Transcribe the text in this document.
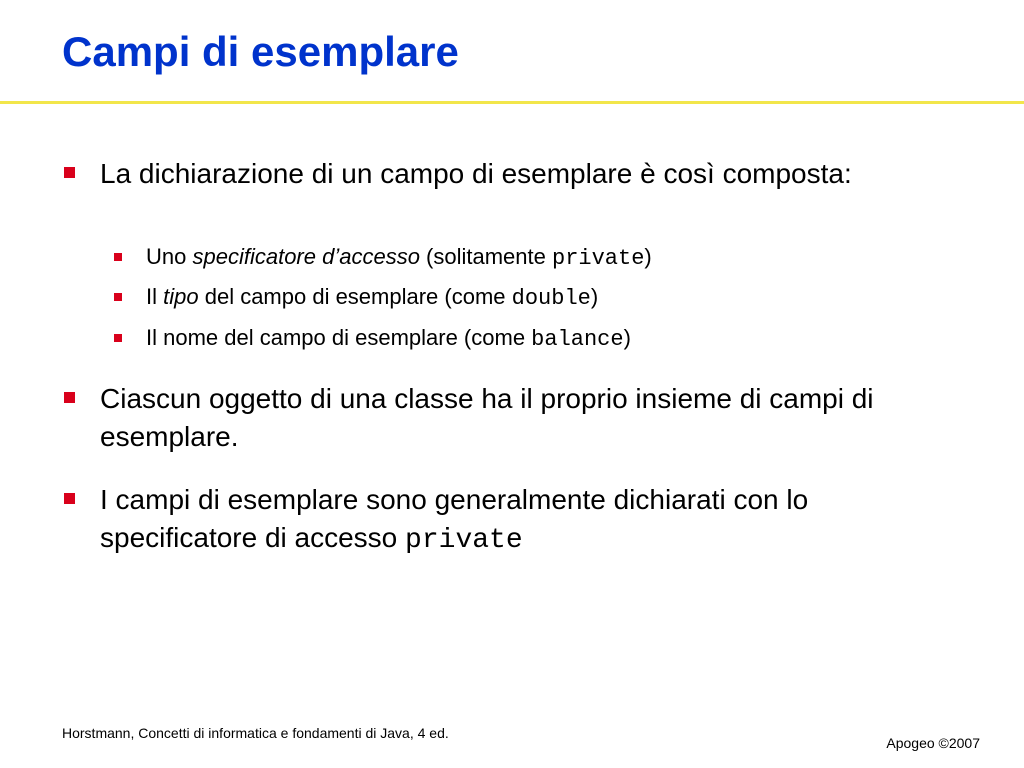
Campi di esemplare
La dichiarazione di un campo di esemplare è così composta:
Uno specificatore d’accesso (solitamente private)
Il tipo del campo di esemplare (come double)
Il nome del campo di esemplare (come balance)
Ciascun oggetto di una classe ha il proprio insieme di campi di esemplare.
I campi di esemplare sono generalmente dichiarati con lo specificatore di accesso private
Horstmann, Concetti di informatica e fondamenti di Java, 4 ed.
Apogeo ©2007
